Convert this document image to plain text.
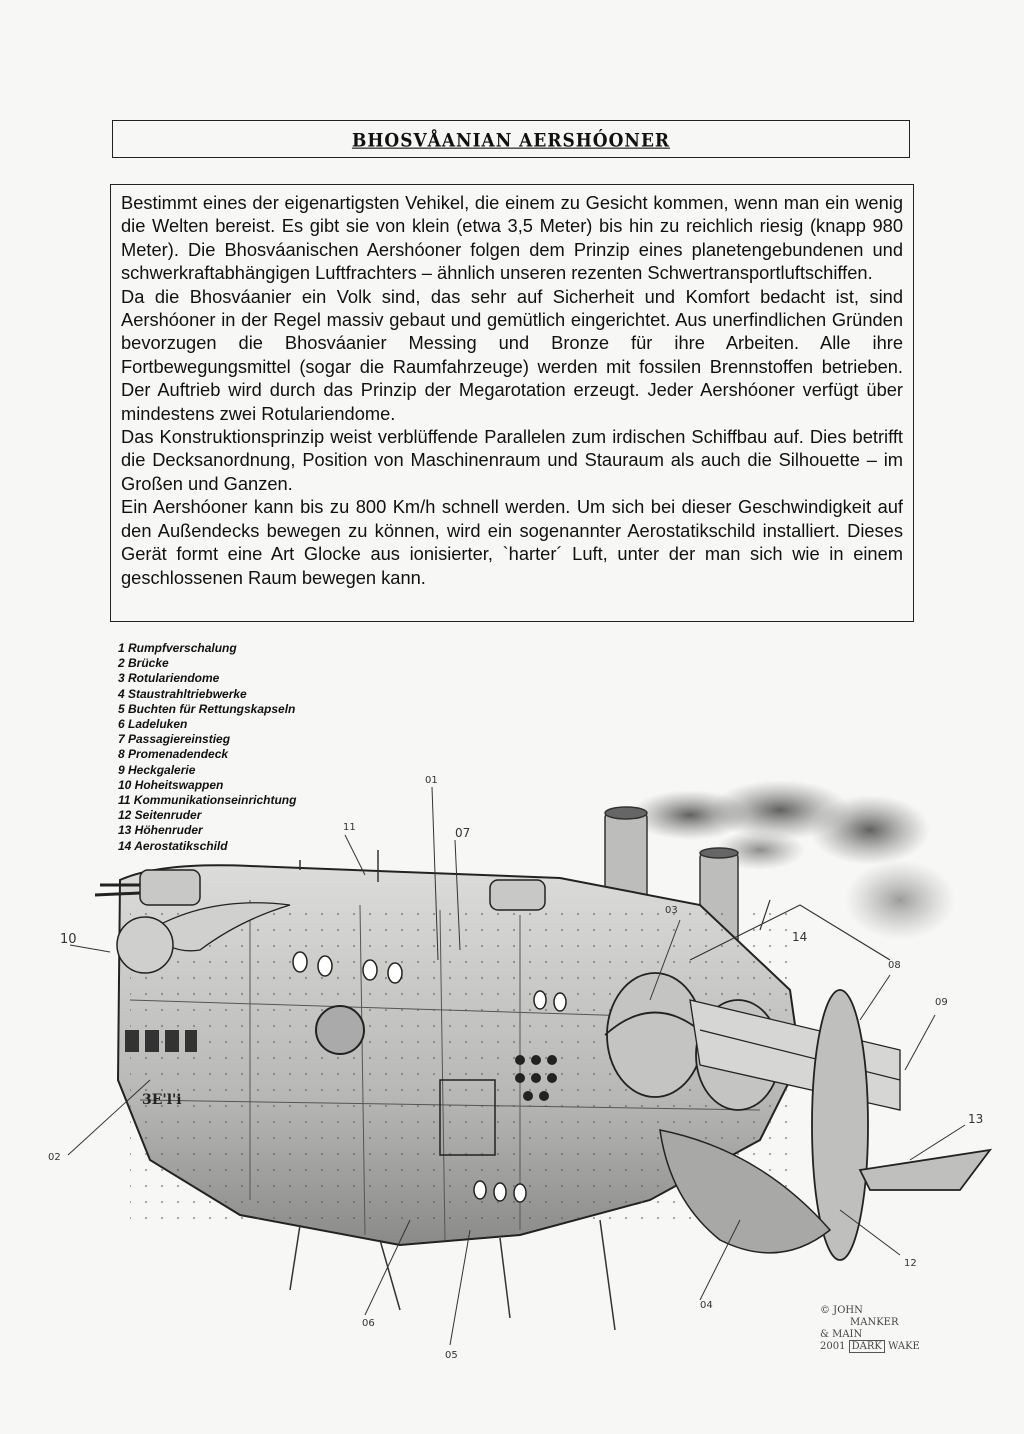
BHOSVÅANIAN AERSHÓONER

Bestimmt eines der eigenartigsten Vehikel, die einem zu Gesicht kommen, wenn man ein wenig die Welten bereist. Es gibt sie von klein (etwa 3,5 Meter) bis hin zu reichlich riesig (knapp 980 Meter). Die Bhosváanischen Aershóoner folgen dem Prinzip eines planetengebundenen und schwerkraftabhängigen Luftfrachters – ähnlich unseren rezenten Schwertransportluftschiffen.

Da die Bhosváanier ein Volk sind, das sehr auf Sicherheit und Komfort bedacht ist, sind Aershóoner in der Regel massiv gebaut und gemütlich eingerichtet. Aus unerfindlichen Gründen bevorzugen die Bhosváanier Messing und Bronze für ihre Arbeiten. Alle ihre Fortbewegungsmittel (sogar die Raumfahrzeuge) werden mit fossilen Brennstoffen betrieben. Der Auftrieb wird durch das Prinzip der Megarotation erzeugt. Jeder Aershóoner verfügt über mindestens zwei Rotulariendome.

Das Konstruktionsprinzip weist verblüffende Parallelen zum irdischen Schiffbau auf. Dies betrifft die Decksanordnung, Position von Maschinenraum und Stauraum als auch die Silhouette – im Großen und Ganzen.

Ein Aershóoner kann bis zu 800 Km/h schnell werden. Um sich bei dieser Geschwindigkeit auf den Außendecks bewegen zu können, wird ein sogenannter Aerostatikschild installiert. Dieses Gerät formt eine Art Glocke aus ionisierter, `harter´ Luft, unter der man sich wie in einem geschlossenen Raum bewegen kann.

1 Rumpfverschalung
2 Brücke
3 Rotulariendome
4 Staustrahltriebwerke
5 Buchten für Rettungskapseln
6 Ladeluken
7 Passagiereinstieg
8 Promenadendeck
9 Heckgalerie
10 Hoheitswappen
11 Kommunikationseinrichtung
12 Seitenruder
13 Höhenruder
14 Aerostatikschild
3E'l'i
01
02
03
04
05
06
07
08
09
10
11
12
13
14
© JOHN
MANKER
& MAIN
2001 DARK WAKE
